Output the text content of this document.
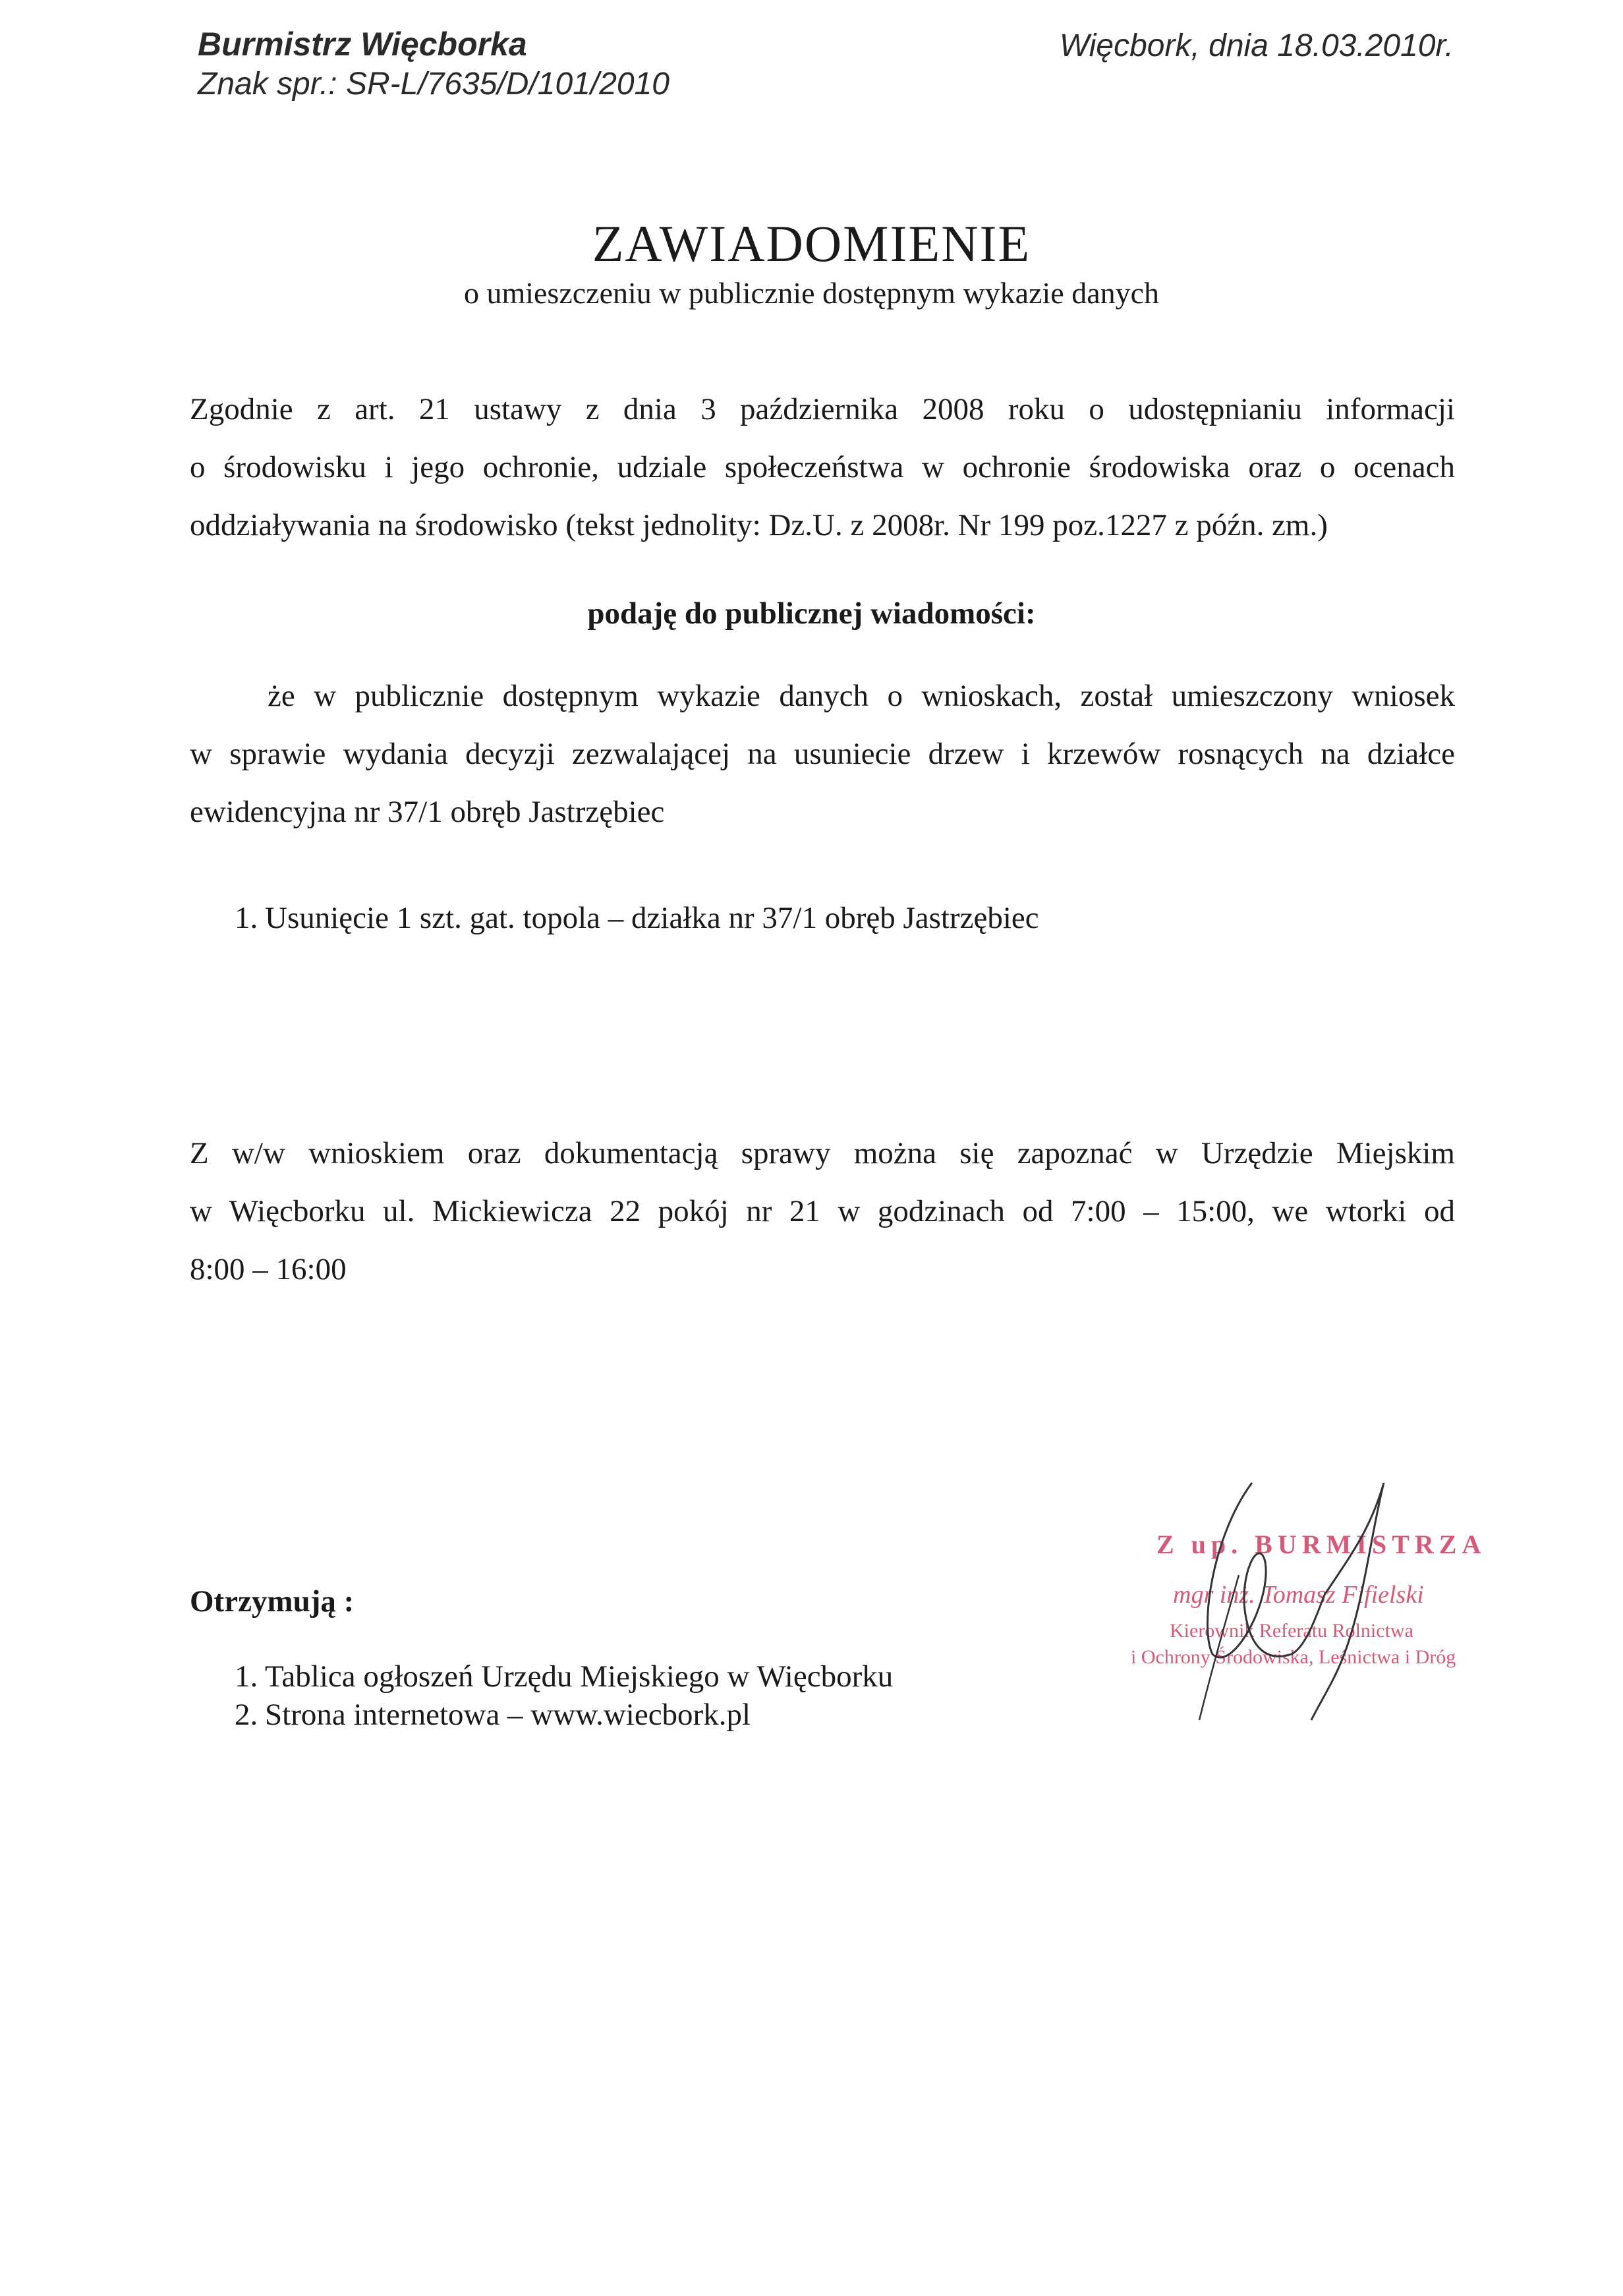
Burmistrz Więcborka
Znak spr.: SR-L/7635/D/101/2010
Więcbork, dnia 18.03.2010r.
ZAWIADOMIENIE
o umieszczeniu w publicznie dostępnym wykazie danych
Zgodnie z art. 21 ustawy z dnia 3 października 2008 roku o udostępnianiu informacji
o środowisku i jego ochronie, udziale społeczeństwa w ochronie środowiska oraz o ocenach
oddziaływania na środowisko (tekst jednolity: Dz.U. z 2008r. Nr 199 poz.1227 z późn. zm.)
podaję do publicznej wiadomości:
że w publicznie dostępnym wykazie danych o wnioskach, został umieszczony wniosek
w sprawie wydania decyzji zezwalającej na usuniecie drzew i krzewów rosnących na działce
ewidencyjna nr 37/1 obręb Jastrzębiec
1. Usunięcie 1 szt. gat. topola – działka nr 37/1 obręb Jastrzębiec
Z w/w wnioskiem oraz dokumentacją sprawy można się zapoznać w Urzędzie Miejskim
w Więcborku ul. Mickiewicza 22 pokój nr 21 w godzinach od 7:00 – 15:00, we wtorki od
8:00 – 16:00
Otrzymują :
1. Tablica ogłoszeń Urzędu Miejskiego w Więcborku
2. Strona internetowa – www.wiecbork.pl
Z up. BURMISTRZA
mgr inż. Tomasz Fifielski
Kierownik Referatu Rolnictwa
i Ochrony Środowiska, Leśnictwa i Dróg
